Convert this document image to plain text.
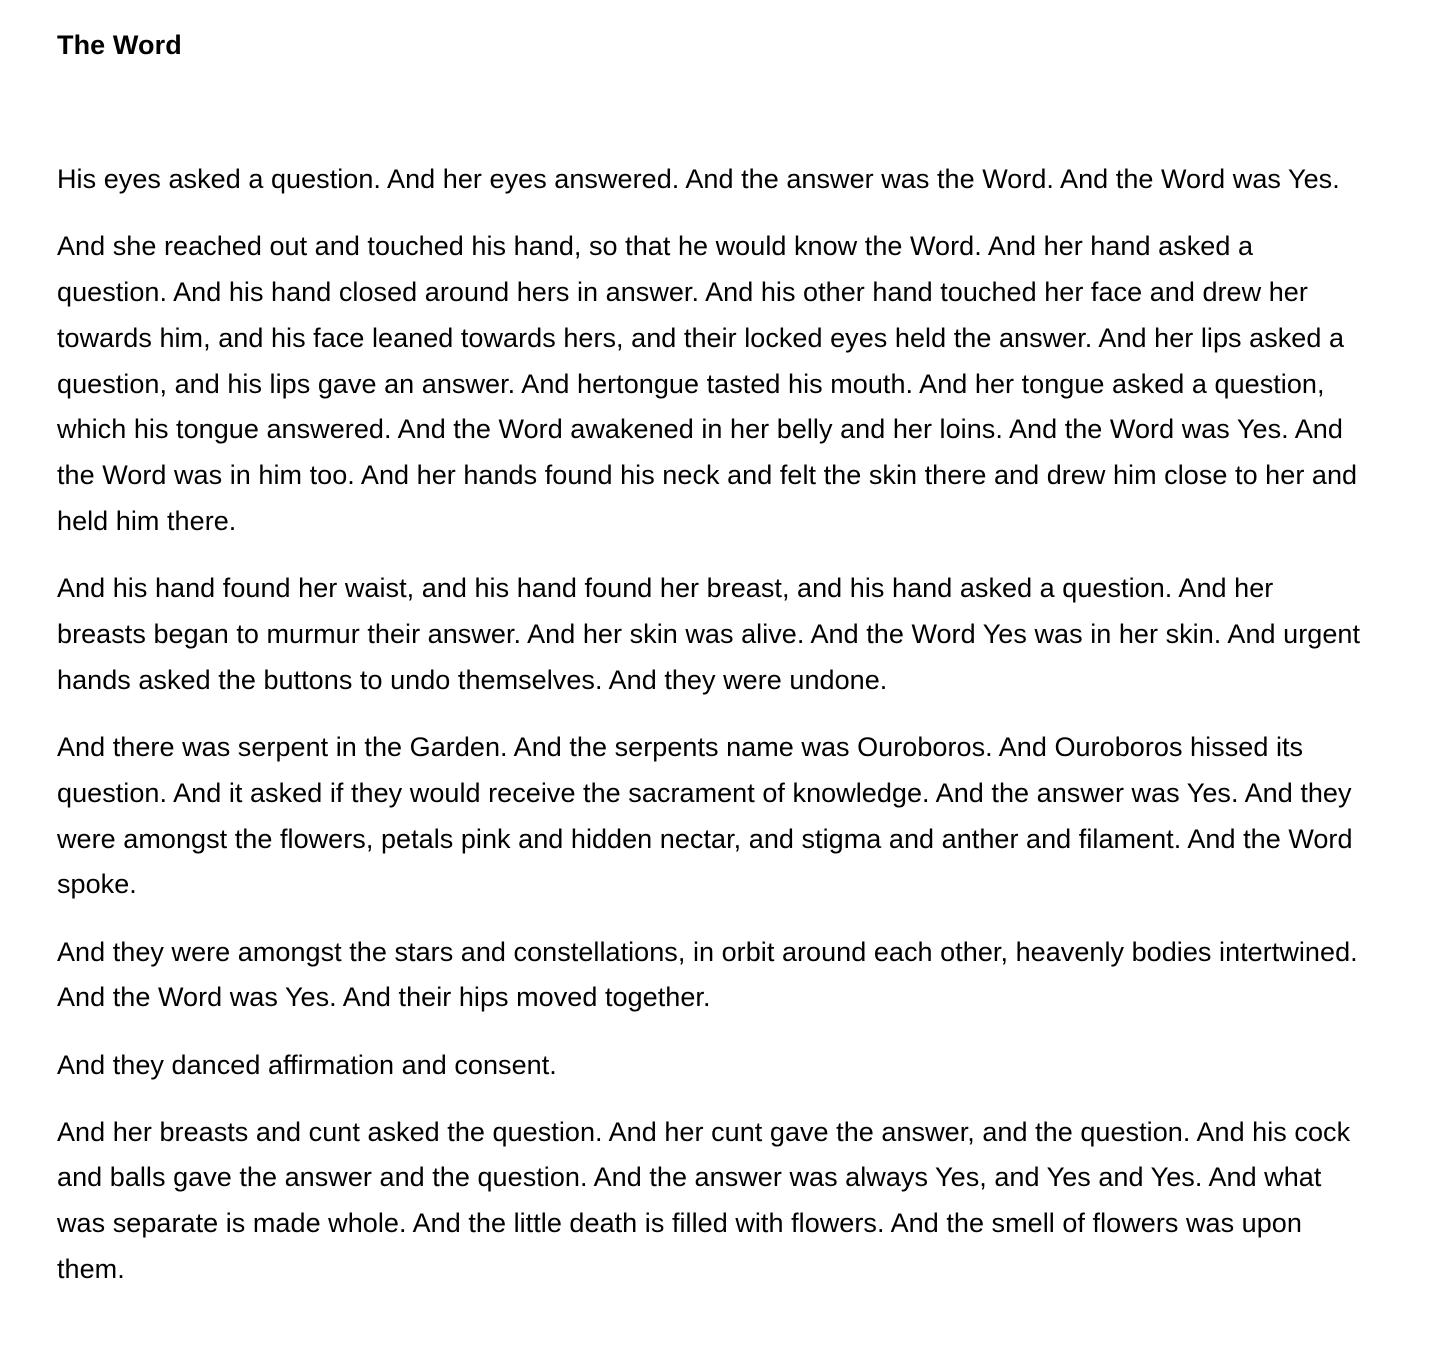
The Word

His eyes asked a question. And her eyes answered. And the answer was the Word. And the Word was Yes.

And she reached out and touched his hand, so that he would know the Word. And her hand asked a question. And his hand closed around hers in answer. And his other hand touched her face and drew her towards him, and his face leaned towards hers, and their locked eyes held the answer. And her lips asked a question, and his lips gave an answer. And hertongue tasted his mouth. And her tongue asked a question, which his tongue answered. And the Word awakened in her belly and her loins. And the Word was Yes. And the Word was in him too. And her hands found his neck and felt the skin there and drew him close to her and held him there.

And his hand found her waist, and his hand found her breast, and his hand asked a question. And her breasts began to murmur their answer. And her skin was alive. And the Word Yes was in her skin. And urgent hands asked the buttons to undo themselves. And they were undone.

And there was serpent in the Garden. And the serpents name was Ouroboros. And Ouroboros hissed its question. And it asked if they would receive the sacrament of knowledge. And the answer was Yes. And they were amongst the flowers, petals pink and hidden nectar, and stigma and anther and filament. And the Word spoke.

And they were amongst the stars and constellations, in orbit around each other, heavenly bodies intertwined. And the Word was Yes. And their hips moved together.

And they danced affirmation and consent.

And her breasts and cunt asked the question. And her cunt gave the answer, and the question. And his cock and balls gave the answer and the question. And the answer was always Yes, and Yes and Yes. And what was separate is made whole. And the little death is filled with flowers. And the smell of flowers was upon them.
